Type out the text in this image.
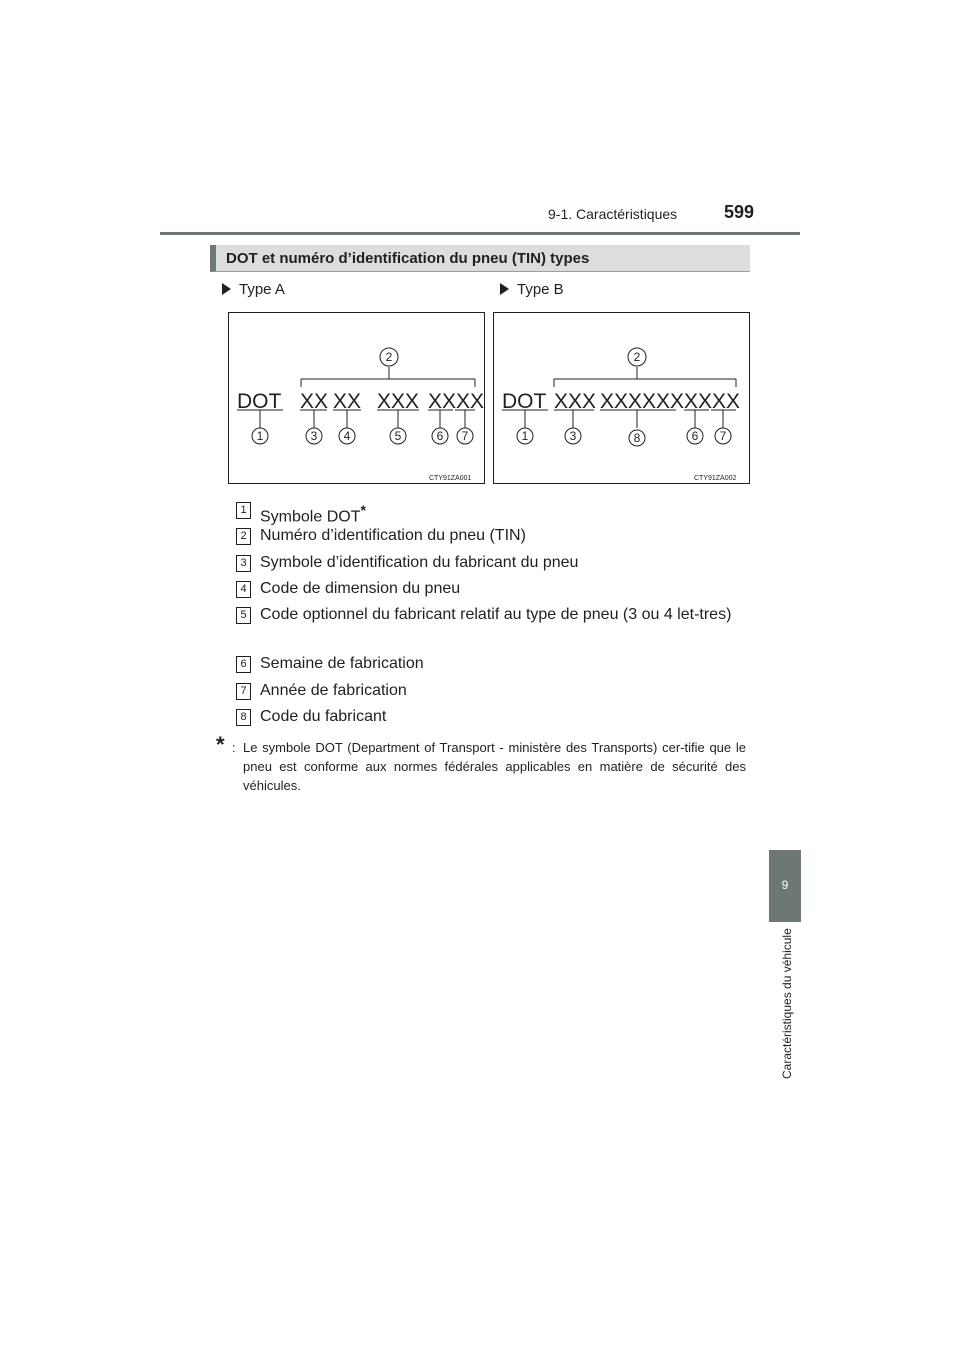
9-1. Caractéristiques	599
9
Caractéristiques du véhicule
DOT et numéro d’identification du pneu (TIN) types
Type A	Type B
DOT XX XX XXX XXXX
2
1	3 4	5	6 7
CTY91ZA001
DOT XXX XXXXXX XXXX
2
1	3	8	6 7
CTY91ZA002
1 Symbole DOT*
2 Numéro d’identification du pneu (TIN)
3 Symbole d’identification du fabricant du pneu
4 Code de dimension du pneu
5 Code optionnel du fabricant relatif au type de pneu (3 ou 4 let-tres)
6 Semaine de fabrication
7 Année de fabrication
8 Code du fabricant
* : Le symbole DOT (Department of Transport - ministère des Transports) cer-tifie que le pneu est conforme aux normes fédérales applicables en matière de sécurité des véhicules.
